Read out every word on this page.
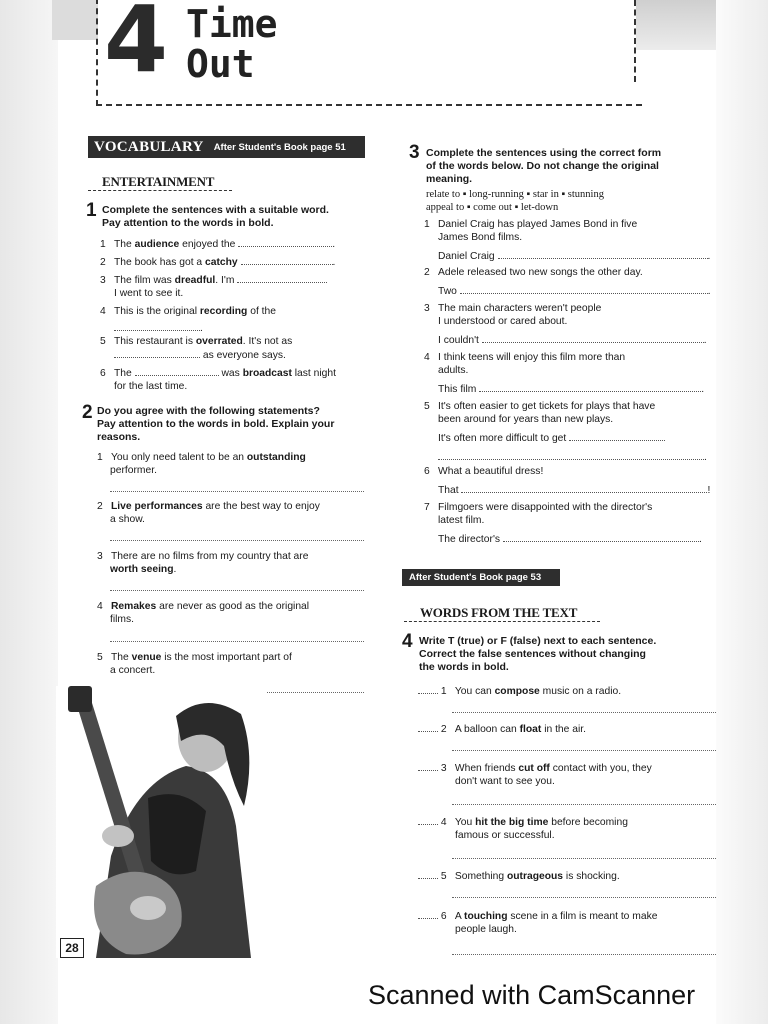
4 Time
Out
VOCABULARY	After Student's Book page 51
ENTERTAINMENT
1 Complete the sentences with a suitable word.
Pay attention to the words in bold.
1 The audience enjoyed the	.
2 The book has got a catchy	.
3 The film was dreadful. I'm
I went to see it.
4 This is the original recording of the
.
5 This restaurant is overrated. It's not as
as everyone says.
6 The	was broadcast last night
for the last time.
2 Do you agree with the following statements?
Pay attention to the words in bold. Explain your
reasons.
1 You only need talent to be an outstanding
performer.
2 Live performances are the best way to enjoy
a show.
3 There are no films from my country that are
worth seeing.
4 Remakes are never as good as the original
films.
5 The venue is the most important part of
a concert.
28
3 Complete the sentences using the correct form
of the words below. Do not change the original
meaning.
relate to ▪ long-running ▪ star in ▪ stunning
appeal to ▪ come out ▪ let-down
1 Daniel Craig has played James Bond in five
James Bond films.
Daniel Craig	.
2 Adele released two new songs the other day.
Two	.
3 The main characters weren't people
I understood or cared about.
I couldn't	.
4 I think teens will enjoy this film more than
adults.
This film	.
5 It's often easier to get tickets for plays that have
been around for years than new plays.
It's often more difficult to get
.
6 What a beautiful dress!
That	!
7 Filmgoers were disappointed with the director's
latest film.
The director's	.
After Student's Book page 53
WORDS FROM THE TEXT
4 Write T (true) or F (false) next to each sentence.
Correct the false sentences without changing
the words in bold.
1 You can compose music on a radio.
2 A balloon can float in the air.
3 When friends cut off contact with you, they
don't want to see you.
4 You hit the big time before becoming
famous or successful.
5 Something outrageous is shocking.
6 A touching scene in a film is meant to make
people laugh.
Scanned with CamScanner
